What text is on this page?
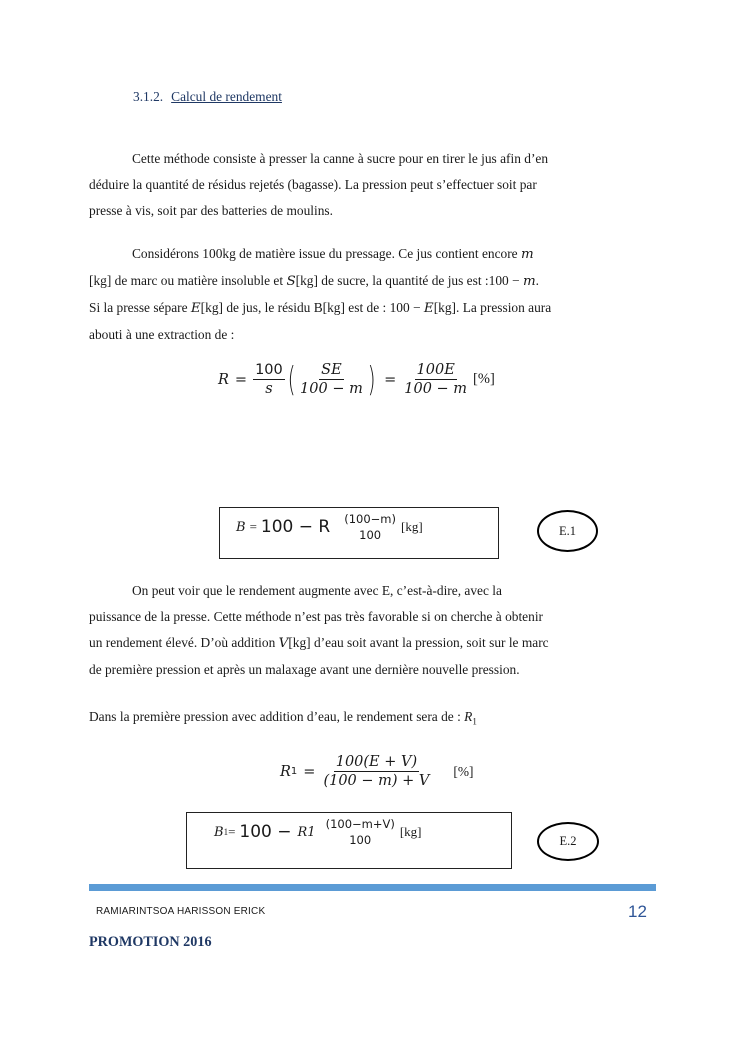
3.1.2. Calcul de rendement

Cette méthode consiste à presser la canne à sucre pour en tirer le jus afin d’en

déduire la quantité de résidus rejetés (bagasse). La pression peut s’effectuer soit par

presse à vis, soit par des batteries de moulins.

Considérons 100kg de matière issue du pressage. Ce jus contient encore m

[kg] de marc ou matière insoluble et S[kg] de sucre, la quantité de jus est :100 − m.

Si la presse sépare E[kg] de jus, le résidu B[kg] est de : 100 − E[kg]. La pression aura

abouti à une extraction de :

$R = \frac{100}{s}$ ( $\frac{SE}{100 - m}$ ) = $\frac{100E}{100 - m}$ [%]
B = 100 − R (100−m)
100
[kg]	E.1

On peut voir que le rendement augmente avec E, c’est-à-dire, avec la

puissance de la presse. Cette méthode n’est pas très favorable si on cherche à obtenir

un rendement élevé. D’où addition V[kg] d’eau soit avant la pression, soit sur le marc

de première pression et après un malaxage avant une dernière nouvelle pression.

Dans la première pression avec addition d’eau, le rendement sera de : $R_1$

R $1 = \frac{100(E + V)}{(100 - m) + V}$ [%]
B 1 = 100 − R1
(100−m+V)
100
[kg]
E.2
RAMIARINTSOA HARISSON ERICK	12
PROMOTION 2016
